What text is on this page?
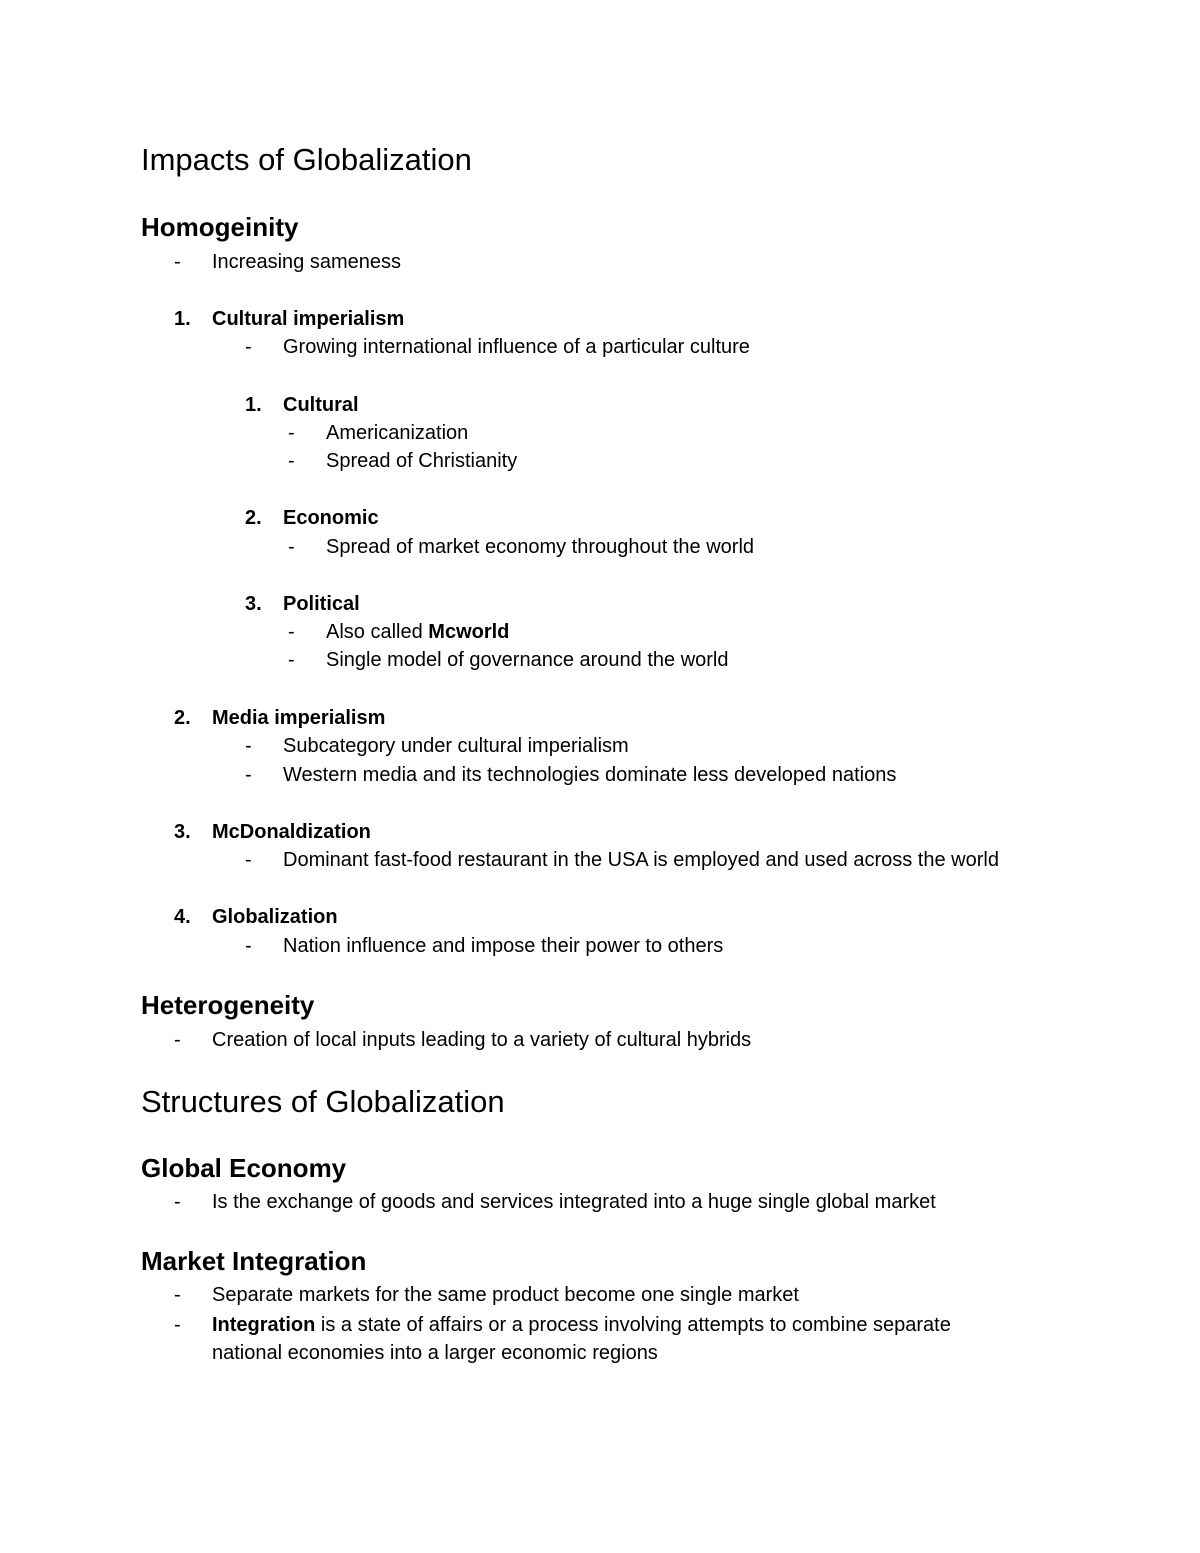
Impacts of Globalization
Homogeinity
- Increasing sameness
1. Cultural imperialism
- Growing international influence of a particular culture
1. Cultural
- Americanization
- Spread of Christianity
2. Economic
- Spread of market economy throughout the world
3. Political
- Also called Mcworld
- Single model of governance around the world
2. Media imperialism
- Subcategory under cultural imperialism
- Western media and its technologies dominate less developed nations
3. McDonaldization
- Dominant fast-food restaurant in the USA is employed and used across the world
4. Globalization
- Nation influence and impose their power to others
Heterogeneity
- Creation of local inputs leading to a variety of cultural hybrids
Structures of Globalization
Global Economy
- Is the exchange of goods and services integrated into a huge single global market
Market Integration
- Separate markets for the same product become one single market
- Integration is a state of affairs or a process involving attempts to combine separate
national economies into a larger economic regions
